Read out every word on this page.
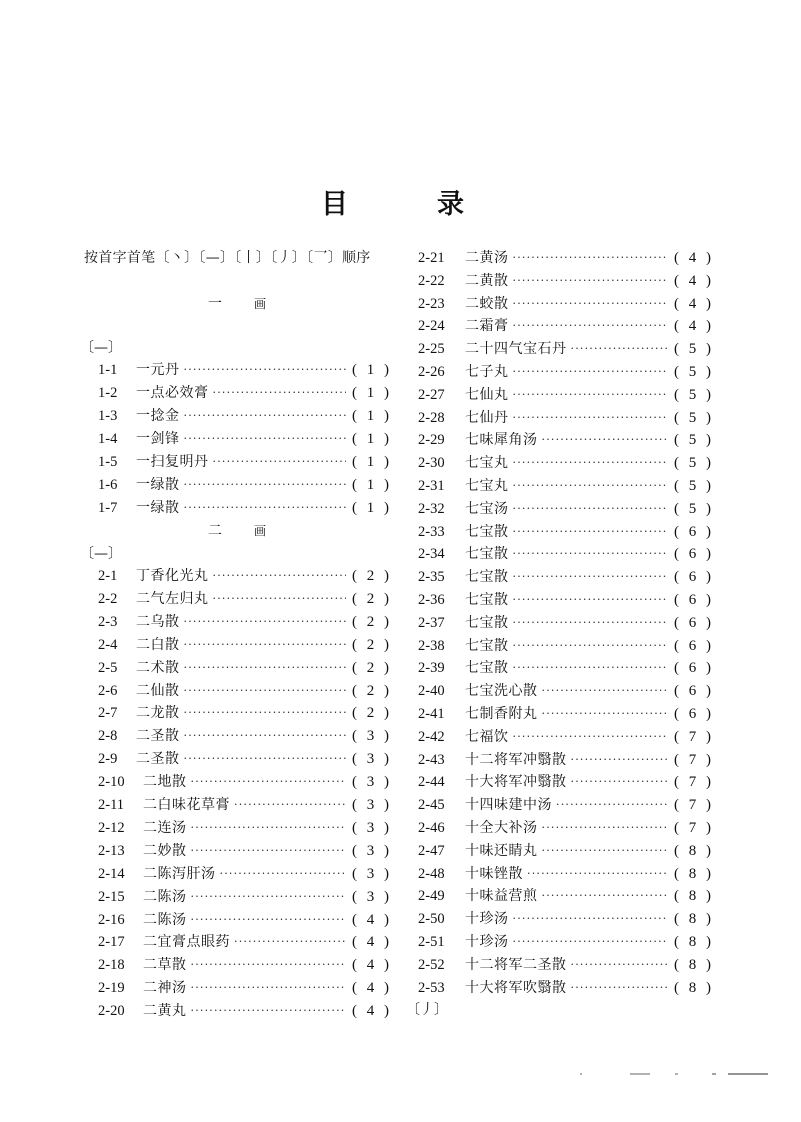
目	录
按首字首笔〔丶〕〔—〕〔丨〕〔丿〕〔乛〕顺序
一	画
〔—〕
1-1	一元丹 ·····	( 1 )
1-2	一点必效膏 ·····	( 1 )
1-3	一捻金 ·····	( 1 )
1-4	一剑锋 ·····	( 1 )
1-5	一扫复明丹 ·····	( 1 )
1-6	一绿散 ·····	( 1 )
1-7	一绿散 ·····	( 1 )
二	画
〔—〕
2-1	丁香化光丸 ·····	( 2 )
2-2	二气左归丸 ·····	( 2 )
2-3	二乌散 ·····	( 2 )
2-4	二白散 ·····	( 2 )
2-5	二术散 ·····	( 2 )
2-6	二仙散 ·····	( 2 )
2-7	二龙散 ·····	( 2 )
2-8	二圣散 ·····	( 3 )
2-9	二圣散 ·····	( 3 )
2-10	二地散 ·····	( 3 )
2-11	二白味花草膏 ·····	( 3 )
2-12	二连汤 ·····	( 3 )
2-13	二妙散 ·····	( 3 )
2-14	二陈泻肝汤 ·····	( 3 )
2-15	二陈汤 ·····	( 3 )
2-16	二陈汤 ·····	( 4 )
2-17	二宜膏点眼药 ·····	( 4 )
2-18	二草散 ·····	( 4 )
2-19	二神汤 ·····	( 4 )
2-20	二黄丸 ·····	( 4 )
2-21	二黄汤 ·····	( 4 )
2-22	二黄散 ·····	( 4 )
2-23	二蛟散 ·····	( 4 )
2-24	二霜膏 ·····	( 4 )
2-25	二十四气宝石丹 ·····	( 5 )
2-26	七子丸 ·····	( 5 )
2-27	七仙丸 ·····	( 5 )
2-28	七仙丹 ·····	( 5 )
2-29	七味犀角汤 ·····	( 5 )
2-30	七宝丸 ·····	( 5 )
2-31	七宝丸 ·····	( 5 )
2-32	七宝汤 ·····	( 5 )
2-33	七宝散 ·····	( 6 )
2-34	七宝散 ·····	( 6 )
2-35	七宝散 ·····	( 6 )
2-36	七宝散 ·····	( 6 )
2-37	七宝散 ·····	( 6 )
2-38	七宝散 ·····	( 6 )
2-39	七宝散 ·····	( 6 )
2-40	七宝洗心散 ·····	( 6 )
2-41	七制香附丸 ·····	( 6 )
2-42	七福饮 ·····	( 7 )
2-43	十二将军冲翳散 ·····	( 7 )
2-44	十大将军冲翳散 ·····	( 7 )
2-45	十四味建中汤 ·····	( 7 )
2-46	十全大补汤 ·····	( 7 )
2-47	十味还睛丸 ·····	( 8 )
2-48	十味锉散 ·····	( 8 )
2-49	十味益营煎 ·····	( 8 )
2-50	十珍汤 ·····	( 8 )
2-51	十珍汤 ·····	( 8 )
2-52	十二将军二圣散 ·····	( 8 )
2-53	十大将军吹翳散 ·····	( 8 )
〔丿〕
